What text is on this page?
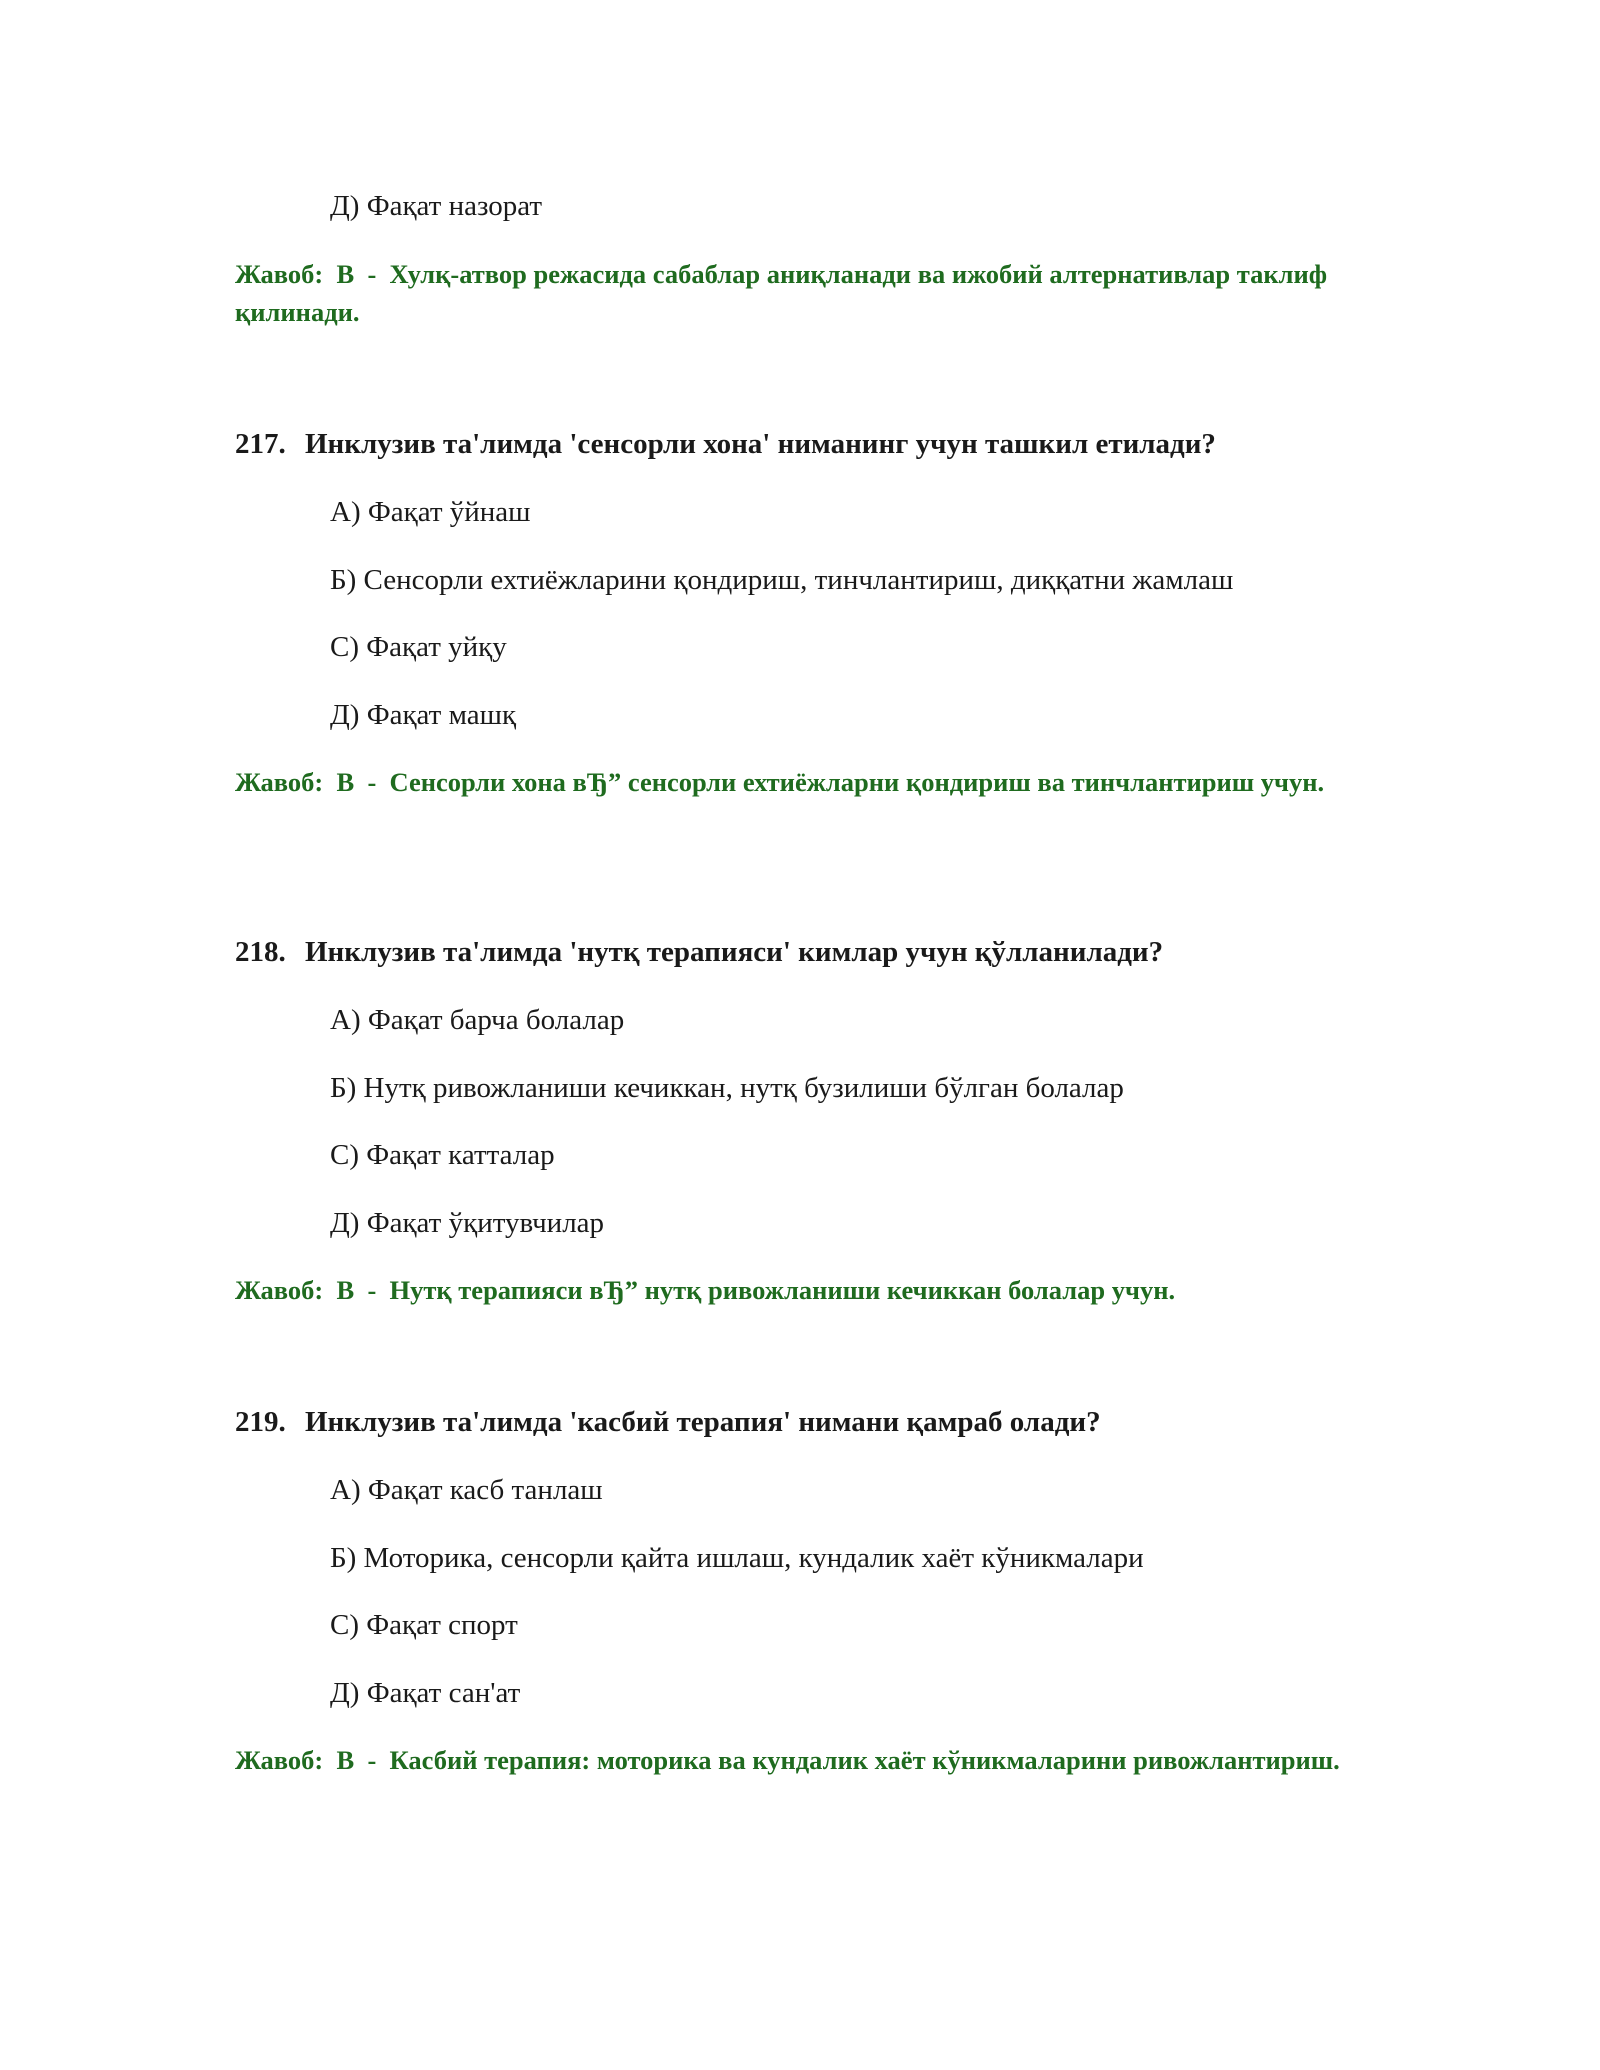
Д) Фақат назорат
Жавоб: B - Хулқ-атвор режасида сабаблар аниқланади ва ижобий алтернативлар таклиф қилинади.
217. Инклузив та'лимда 'сенсорли хона' ниманинг учун ташкил етилади?
A) Фақат ўйнаш
Б) Сенсорли ехтиёжларини қондириш, тинчлантириш, диққатни жамлаш
C) Фақат уйқу
Д) Фақат машқ
Жавоб: B - Сенсорли хона вЂ” сенсорли ехтиёжларни қондириш ва тинчлантириш учун.
218. Инклузив та'лимда 'нутқ терапияси' кимлар учун қўлланилади?
A) Фақат барча болалар
Б) Нутқ ривожланиши кечиккан, нутқ бузилиши бўлган болалар
C) Фақат катталар
Д) Фақат ўқитувчилар
Жавоб: B - Нутқ терапияси вЂ” нутқ ривожланиши кечиккан болалар учун.
219. Инклузив та'лимда 'касбий терапия' нимани қамраб олади?
A) Фақат касб танлаш
Б) Моторика, сенсорли қайта ишлаш, кундалик хаёт кўникмалари
C) Фақат спорт
Д) Фақат сан'ат
Жавоб: B - Касбий терапия: моторика ва кундалик хаёт кўникмаларини ривожлантириш.
